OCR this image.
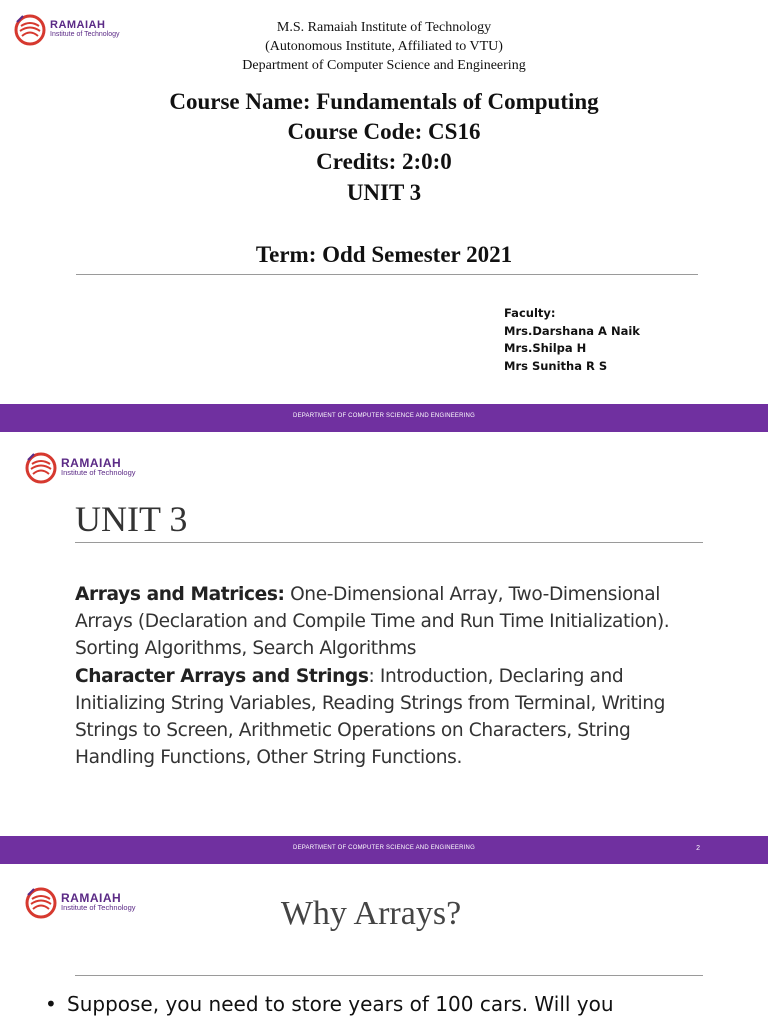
RAMAIAH
Institute of Technology	M.S. Ramaiah Institute of Technology
(Autonomous Institute, Affiliated to VTU)
Department of Computer Science and Engineering
Course Name: Fundamentals of Computing
Course Code: CS16
Credits: 2:0:0
UNIT 3
Term: Odd Semester 2021
Faculty:
Mrs.Darshana A Naik
Mrs.Shilpa H
Mrs Sunitha R S
DEPARTMENT OF COMPUTER SCIENCE AND ENGINEERING
RAMAIAH
Institute of Technology
UNIT 3
DEPARTMENT OF COMPUTER SCIENCE AND ENGINEERING	2
Arrays and Matrices: One-Dimensional Array, Two-Dimensional Arrays (Declaration and Compile Time and Run Time Initialization). Sorting Algorithms, Search Algorithms
Character Arrays and Strings: Introduction, Declaring and Initializing String Variables, Reading Strings from Terminal, Writing Strings to Screen, Arithmetic Operations on Characters, String Handling Functions, Other String Functions.
RAMAIAH
Institute of Technology	Why Arrays?
• Suppose, you need to store years of 100 cars. Will you
